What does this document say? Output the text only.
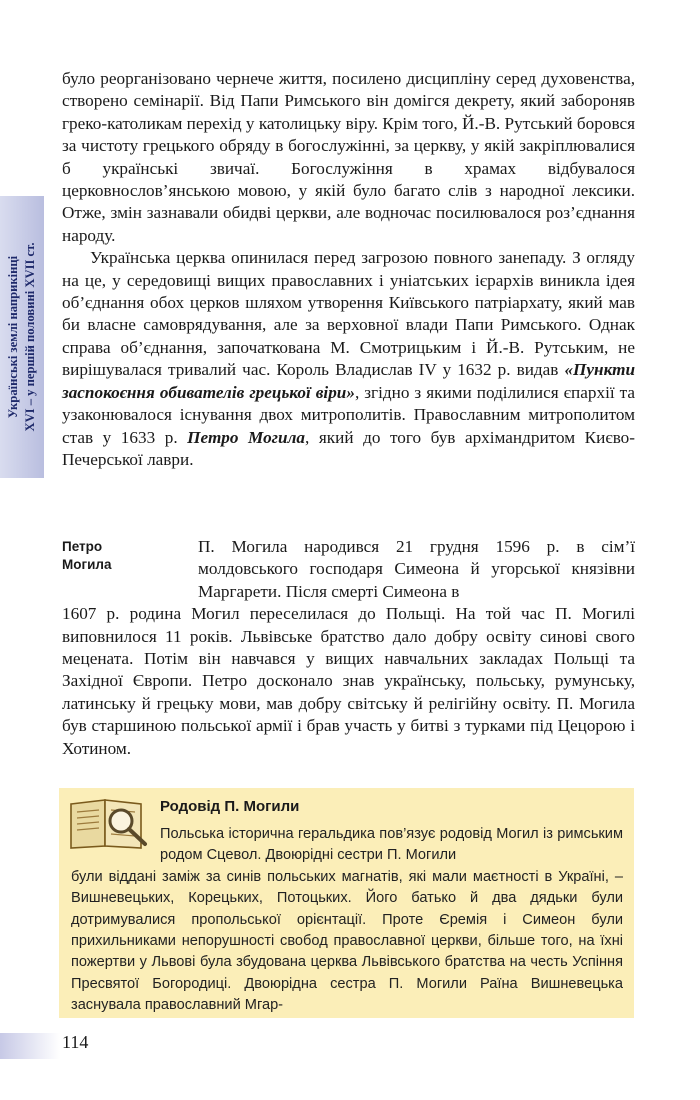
Українські землі наприкінці XVI – у першій половині XVII ст.

було реорганізовано чернече життя, посилено дисципліну серед духовенства, створено семінарії. Від Папи Римського він домігся декрету, який забороняв греко-католикам перехід у католицьку віру. Крім того, Й.-В. Рутський боровся за чистоту грецького обряду в богослужінні, за церкву, у якій закріплювалися б українські звичаї. Богослужіння в храмах відбувалося церковнослов’янською мовою, у якій було багато слів з народної лексики. Отже, змін зазнавали обидві церкви, але водночас посилювалося роз’єднання народу.

Українська церква опинилася перед загрозою повного занепаду. З огляду на це, у середовищі вищих православних і уніатських ієрархів виникла ідея об’єднання обох церков шляхом утворення Київського патріархату, який мав би власне самоврядування, але за верховної влади Папи Римського. Однак справа об’єднання, започаткована М. Смотрицьким і Й.-В. Рутським, не вирішувалася тривалий час. Король Владислав IV у 1632 р. видав «Пункти заспокоєння обивателів грецької віри», згідно з якими поділилися єпархії та узаконювалося існування двох митрополитів. Православним митрополитом став у 1633 р. Петро Могила, який до того був архімандритом Києво-Печерської лаври.

Петро
Могила

П. Могила народився 21 грудня 1596 р. в сім’ї молдовського господаря Симеона й угорської князівни Маргарети. Після смерті Симеона в

1607 р. родина Могил переселилася до Польщі. На той час П. Могилі виповнилося 11 років. Львівське братство дало добру освіту синові свого мецената. Потім він навчався у вищих навчальних закладах Польщі та Західної Європи. Петро досконало знав українську, польську, румунську, латинську й грецьку мови, мав добру світську й релігійну освіту. П. Могила був старшиною польської армії і брав участь у битві з турками під Цецорою і Хотином.

Родовід П. Могили

Польська історична геральдика пов’язує родовід Могил із римським родом Сцевол. Двоюрідні сестри П. Могили

були віддані заміж за синів польських магнатів, які мали маєтності в Україні, – Вишневецьких, Корецьких, Потоцьких. Його батько й два дядьки були дотримувалися пропольської орієнтації. Проте Єремія і Симеон були прихильниками непорушності свобод православної церкви, більше того, на їхні пожертви у Львові була збудована церква Львівського братства на честь Успіння Пресвятої Богородиці. Двоюрідна сестра П. Могили Раїна Вишневецька заснувала православний Мгар-

114
